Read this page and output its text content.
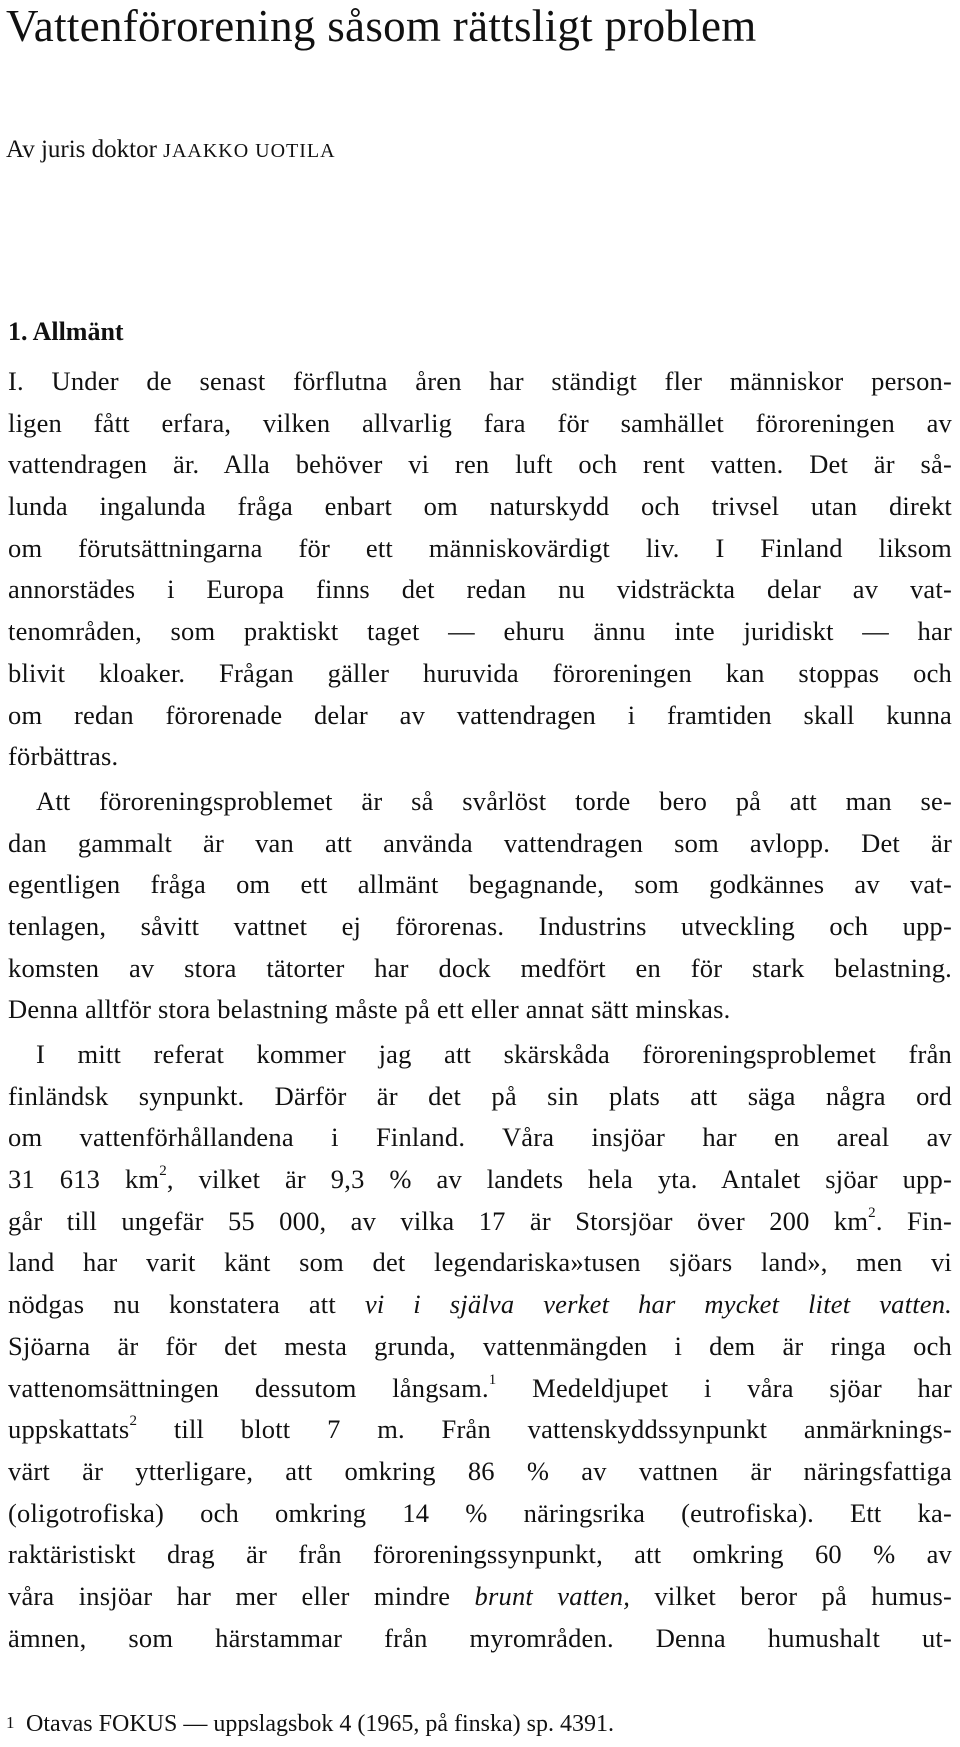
Vattenförorening såsom rättsligt problem
Av juris doktor JAAKKO UOTILA
1. Allmänt
I. Under de senast förflutna åren har ständigt fler människor person-
ligen fått erfara, vilken allvarlig fara för samhället föroreningen av
vattendragen är. Alla behöver vi ren luft och rent vatten. Det är så-
lunda ingalunda fråga enbart om naturskydd och trivsel utan direkt
om förutsättningarna för ett människovärdigt liv. I Finland liksom
annorstädes i Europa finns det redan nu vidsträckta delar av vat-
tenområden, som praktiskt taget — ehuru ännu inte juridiskt — har
blivit kloaker. Frågan gäller huruvida föroreningen kan stoppas och
om redan förorenade delar av vattendragen i framtiden skall kunna
förbättras.
Att föroreningsproblemet är så svårlöst torde bero på att man se-
dan gammalt är van att använda vattendragen som avlopp. Det är
egentligen fråga om ett allmänt begagnande, som godkännes av vat-
tenlagen, såvitt vattnet ej förorenas. Industrins utveckling och upp-
komsten av stora tätorter har dock medfört en för stark belastning.
Denna alltför stora belastning måste på ett eller annat sätt minskas.
I mitt referat kommer jag att skärskåda föroreningsproblemet från
finländsk synpunkt. Därför är det på sin plats att säga några ord
om vattenförhållandena i Finland. Våra insjöar har en areal av
31 613 $km^2$, vilket är 9,3 % av landets hela yta. Antalet sjöar upp-
går till ungefär 55 000, av vilka 17 är Storsjöar över 200 $km^2$. Fin-
land har varit känt som det legendariska»tusen sjöars land», men vi
nödgas nu konstatera att vi i själva verket har mycket litet vatten.
Sjöarna är för det mesta grunda, vattenmängden i dem är ringa och
vattenomsättningen dessutom långsam.$^1$ Medeldjupet i våra sjöar har
uppskattats$^2$ till blott 7 m. Från vattenskyddssynpunkt anmärknings-
värt är ytterligare, att omkring 86 % av vattnen är näringsfattiga
(oligotrofiska) och omkring 14 % näringsrika (eutrofiska). Ett ka-
raktäristiskt drag är från föroreningssynpunkt, att omkring 60 % av
våra insjöar har mer eller mindre brunt vatten, vilket beror på humus-
ämnen, som härstammar från myrområden. Denna humushalt ut-
1 Otavas FOKUS — uppslagsbok 4 (1965, på finska) sp. 4391.
